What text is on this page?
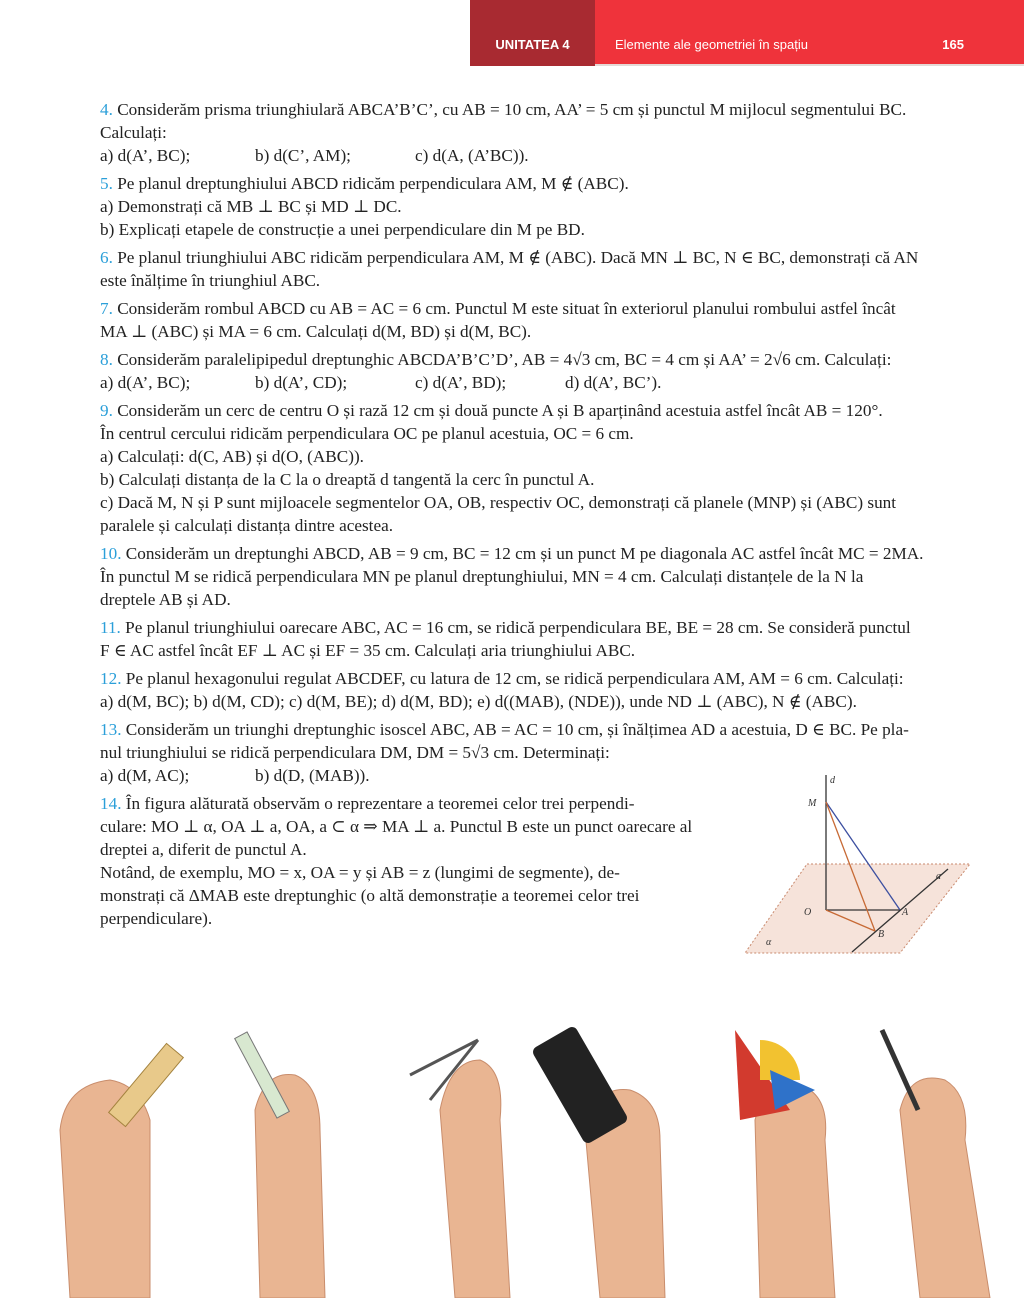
UNITATEA 4	Elemente ale geometriei în spațiu	165
4. Considerăm prisma triunghiulară ABCA’B’C’, cu AB = 10 cm, AA’ = 5 cm și punctul M mijlocul segmentului BC.
Calculați:
a) d(A’, BC);	b) d(C’, AM);	c) d(A, (A’BC)).
5. Pe planul dreptunghiului ABCD ridicăm perpendiculara AM, M ∉ (ABC).
a) Demonstrați că MB ⊥ BC și MD ⊥ DC.
b) Explicați etapele de construcție a unei perpendiculare din M pe BD.
6. Pe planul triunghiului ABC ridicăm perpendiculara AM, M ∉ (ABC). Dacă MN ⊥ BC, N ∈ BC, demonstrați că AN
este înălțime în triunghiul ABC.
7. Considerăm rombul ABCD cu AB = AC = 6 cm. Punctul M este situat în exteriorul planului rombului astfel încât
MA ⊥ (ABC) și MA = 6 cm. Calculați d(M, BD) și d(M, BC).
8. Considerăm paralelipipedul dreptunghic ABCDA’B’C’D’, AB = 4√3 cm, BC = 4 cm și AA’ = 2√6 cm. Calculați:
a) d(A’, BC);	b) d(A’, CD);	c) d(A’, BD);	d) d(A’, BC’).
9. Considerăm un cerc de centru O și rază 12 cm și două puncte A și B aparținând acestuia astfel încât AB = 120°.
În centrul cercului ridicăm perpendiculara OC pe planul acestuia, OC = 6 cm.
a) Calculați: d(C, AB) și d(O, (ABC)).
b) Calculați distanța de la C la o dreaptă d tangentă la cerc în punctul A.
c) Dacă M, N și P sunt mijloacele segmentelor OA, OB, respectiv OC, demonstrați că planele (MNP) și (ABC) sunt
paralele și calculați distanța dintre acestea.
10. Considerăm un dreptunghi ABCD, AB = 9 cm, BC = 12 cm și un punct M pe diagonala AC astfel încât MC = 2MA.
În punctul M se ridică perpendiculara MN pe planul dreptunghiului, MN = 4 cm. Calculați distanțele de la N la
dreptele AB și AD.
11. Pe planul triunghiului oarecare ABC, AC = 16 cm, se ridică perpendiculara BE, BE = 28 cm. Se consideră punctul
F ∈ AC astfel încât EF ⊥ AC și EF = 35 cm. Calculați aria triunghiului ABC.
12. Pe planul hexagonului regulat ABCDEF, cu latura de 12 cm, se ridică perpendiculara AM, AM = 6 cm. Calculați:
a) d(M, BC); b) d(M, CD); c) d(M, BE); d) d(M, BD); e) d((MAB), (NDE)), unde ND ⊥ (ABC), N ∉ (ABC).
13. Considerăm un triunghi dreptunghic isoscel ABC, AB = AC = 10 cm, și înălțimea AD a acestuia, D ∈ BC. Pe pla-
nul triunghiului se ridică perpendiculara DM, DM = 5√3 cm. Determinați:
a) d(M, AC);	b) d(D, (MAB)).
14. În figura alăturată observăm o reprezentare a teoremei celor trei perpendi-
culare: MO ⊥ α, OA ⊥ a, OA, a ⊂ α ⇒ MA ⊥ a. Punctul B este un punct oarecare al
dreptei a, diferit de punctul A.
Notând, de exemplu, MO = x, OA = y și AB = z (lungimi de segmente), de-
monstrați că ΔMAB este dreptunghic (o altă demonstrație a teoremei celor trei
perpendiculare).
d
M
O	A
B
a
α
